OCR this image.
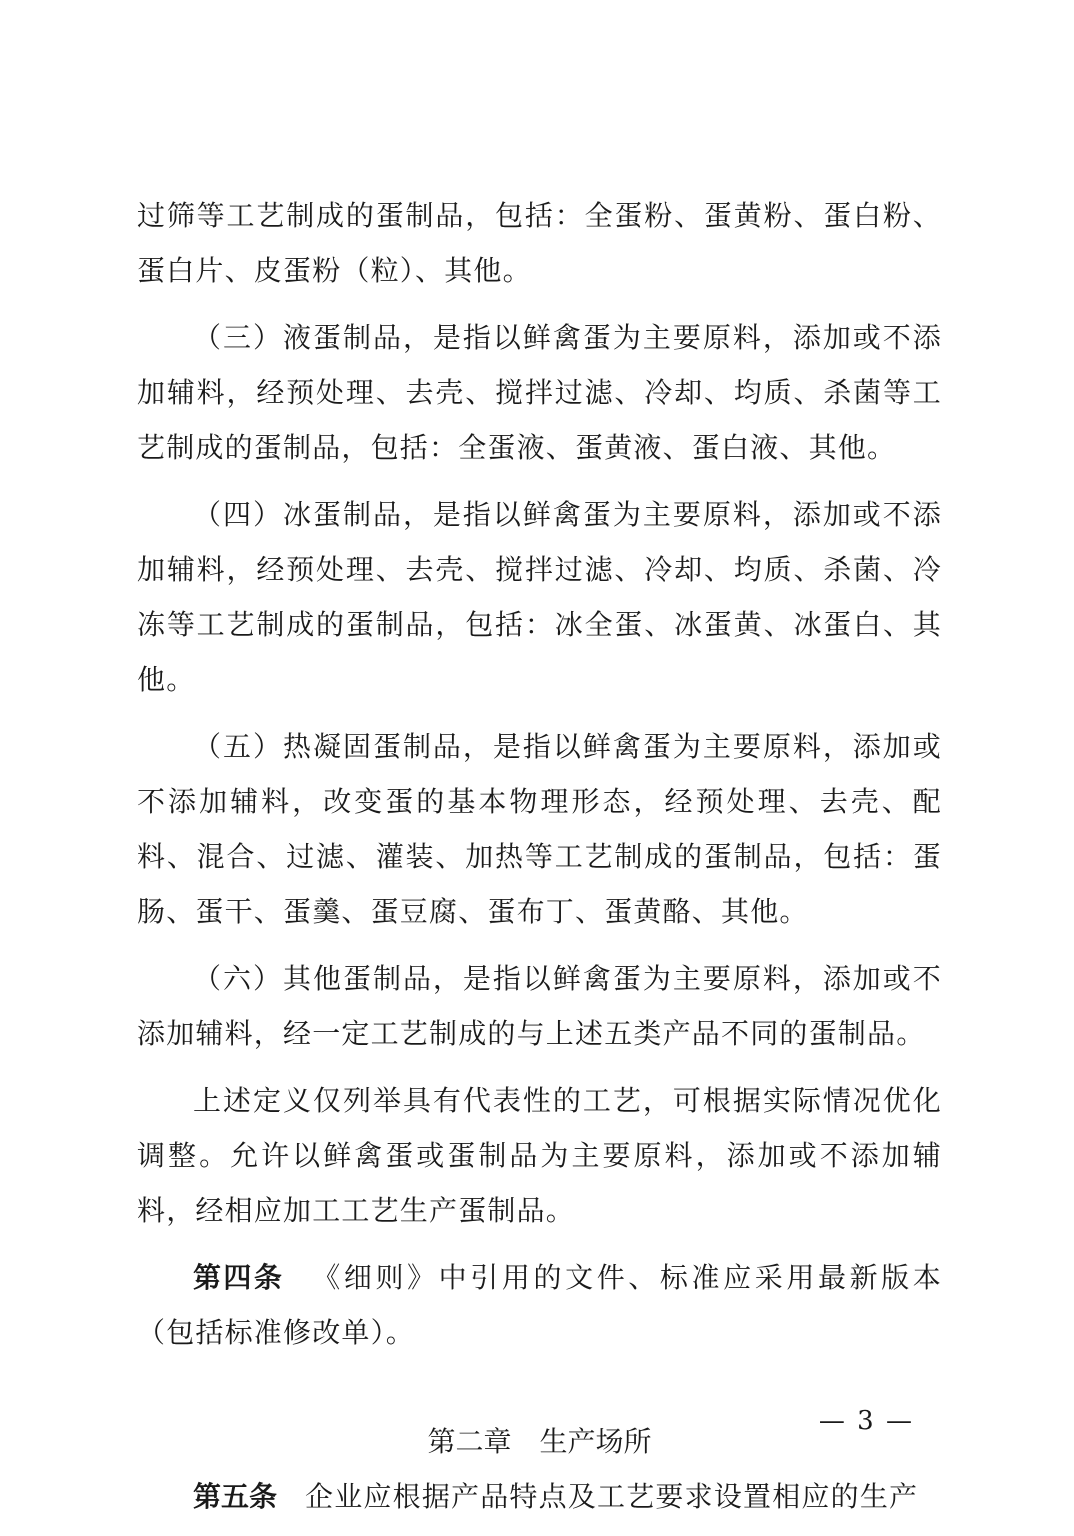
过筛等工艺制成的蛋制品，包括：全蛋粉、蛋黄粉、蛋白粉、蛋白片、皮蛋粉（粒）、其他。

（三）液蛋制品，是指以鲜禽蛋为主要原料，添加或不添加辅料，经预处理、去壳、搅拌过滤、冷却、均质、杀菌等工艺制成的蛋制品，包括：全蛋液、蛋黄液、蛋白液、其他。

（四）冰蛋制品，是指以鲜禽蛋为主要原料，添加或不添加辅料，经预处理、去壳、搅拌过滤、冷却、均质、杀菌、冷冻等工艺制成的蛋制品，包括：冰全蛋、冰蛋黄、冰蛋白、其他。

（五）热凝固蛋制品，是指以鲜禽蛋为主要原料，添加或不添加辅料，改变蛋的基本物理形态，经预处理、去壳、配料、混合、过滤、灌装、加热等工艺制成的蛋制品，包括：蛋肠、蛋干、蛋羹、蛋豆腐、蛋布丁、蛋黄酪、其他。

（六）其他蛋制品，是指以鲜禽蛋为主要原料，添加或不添加辅料，经一定工艺制成的与上述五类产品不同的蛋制品。

上述定义仅列举具有代表性的工艺，可根据实际情况优化调整。允许以鲜禽蛋或蛋制品为主要原料，添加或不添加辅料，经相应加工工艺生产蛋制品。

第四条 《细则》中引用的文件、标准应采用最新版本（包括标准修改单）。

第二章 生产场所

第五条 企业应根据产品特点及工艺要求设置相应的生产

— 3 —
